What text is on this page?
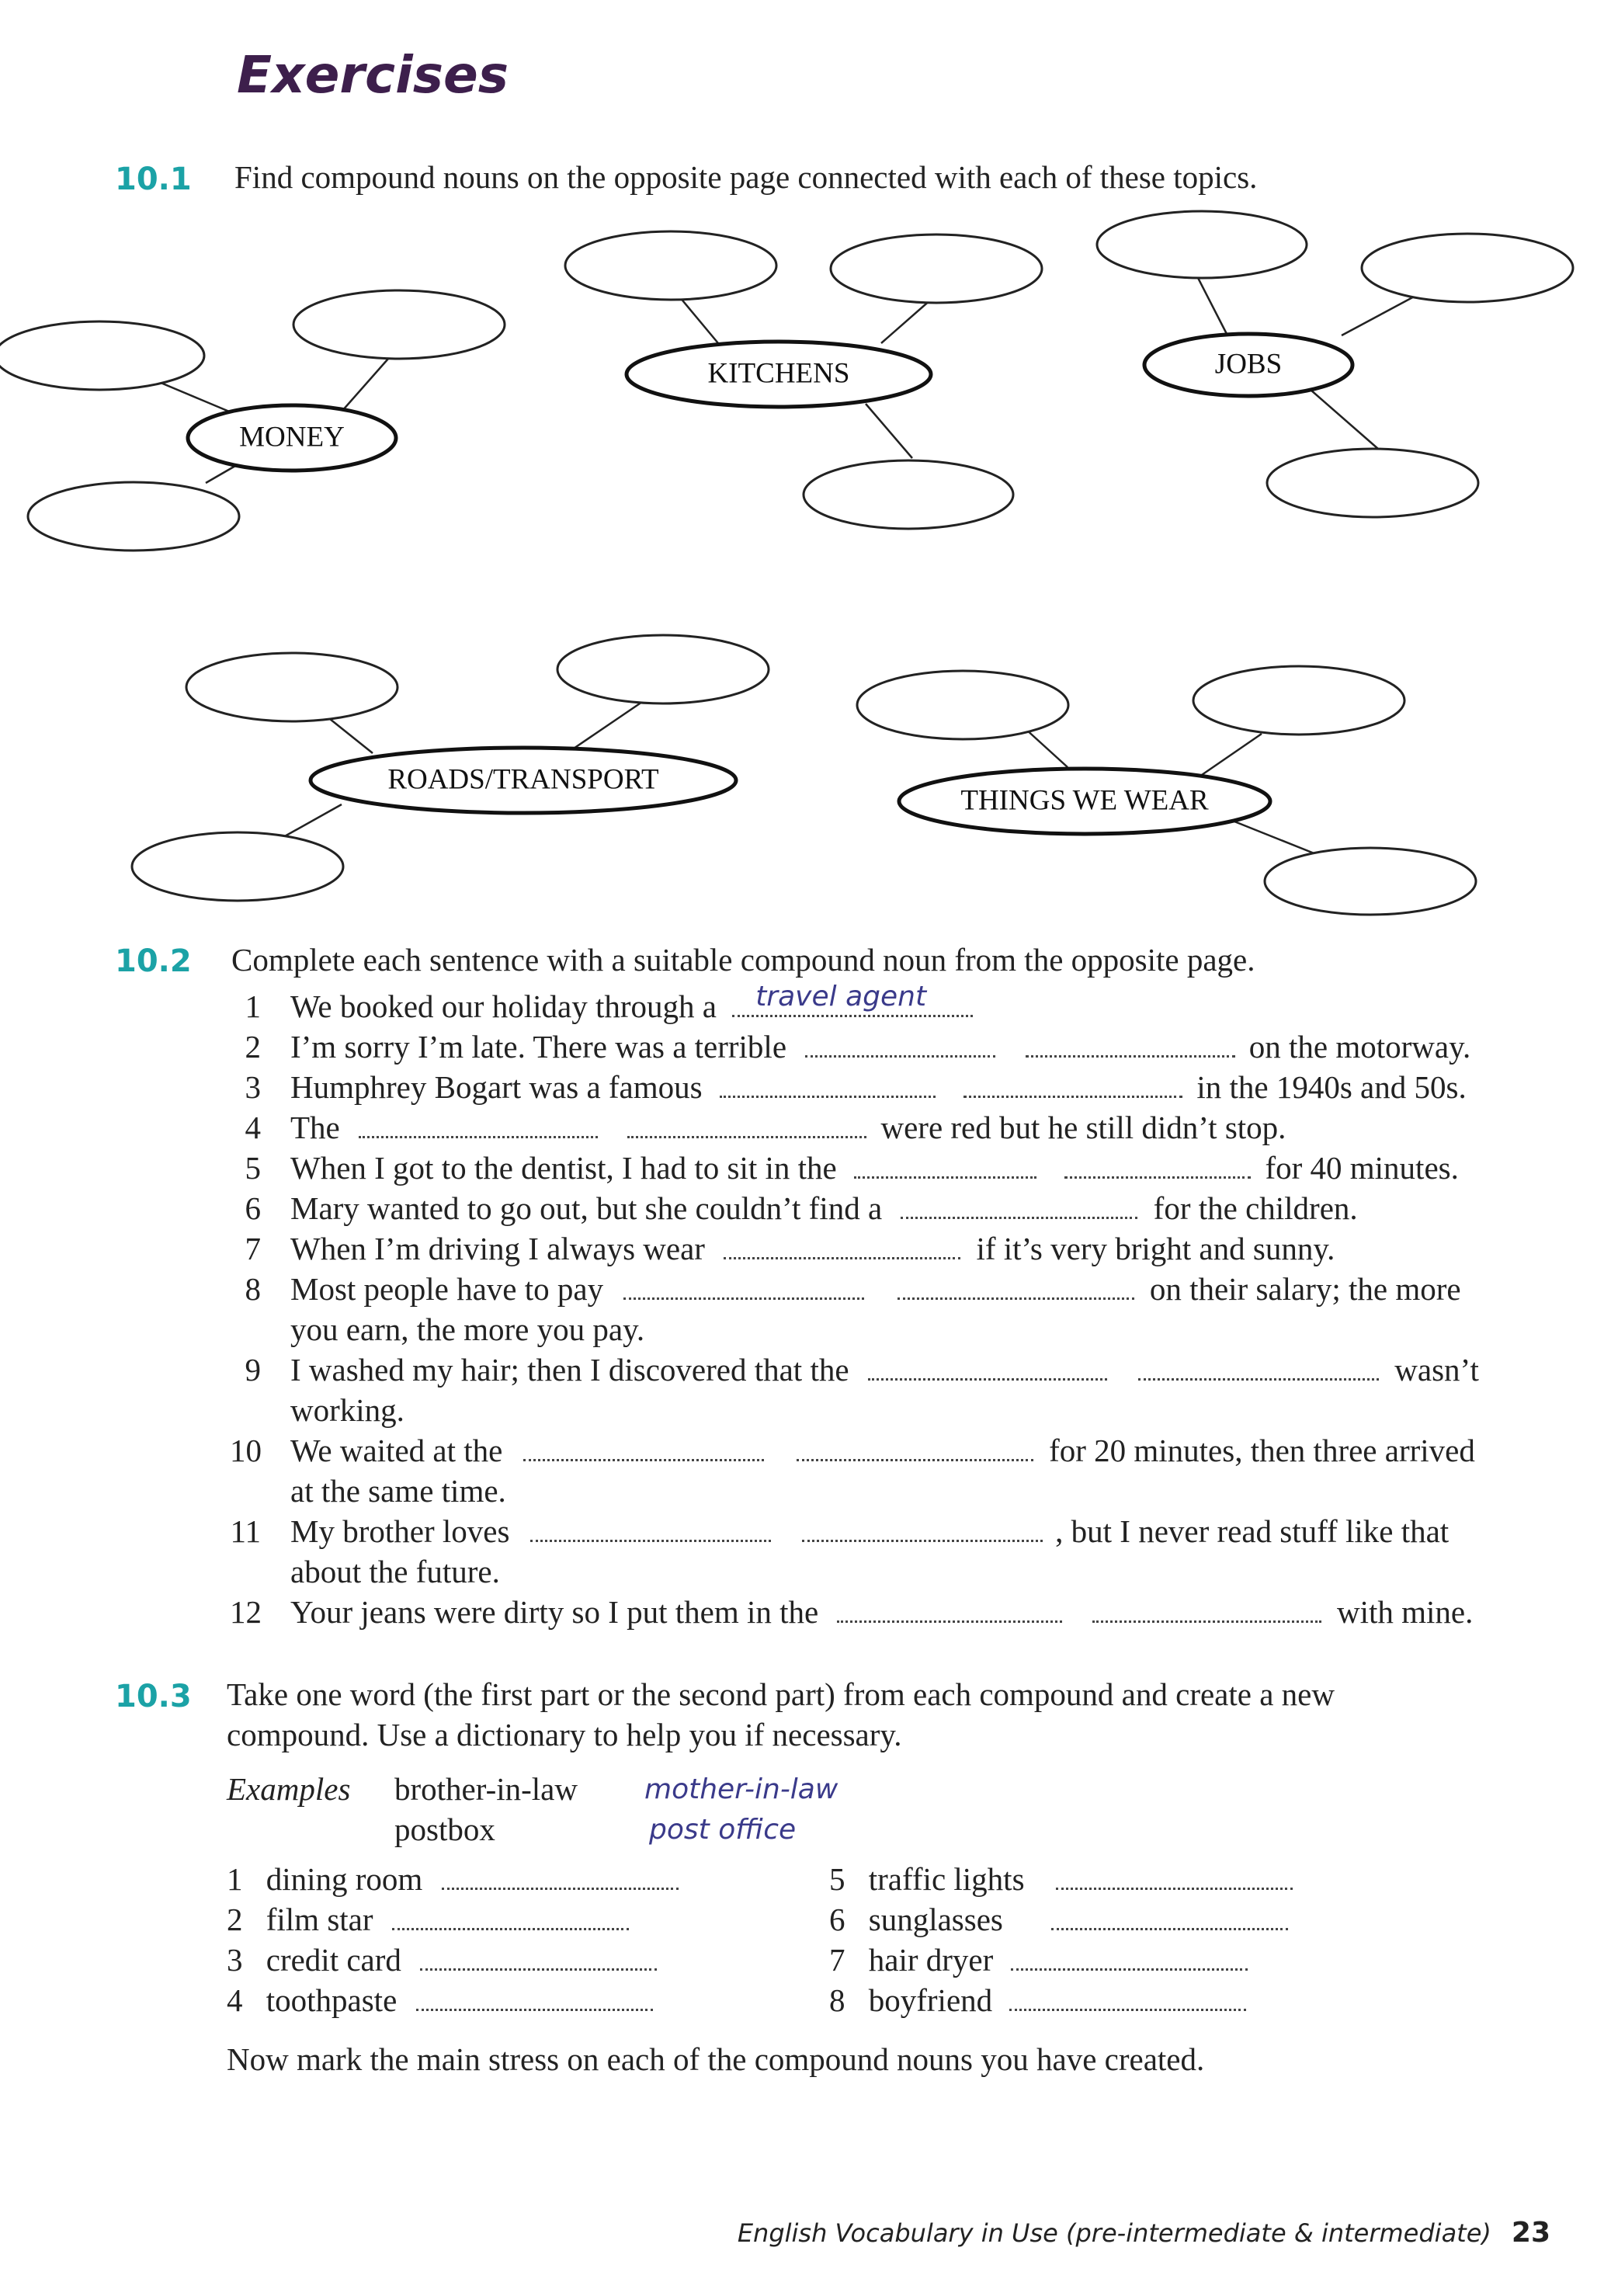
Exercises
10.1 Find compound nouns on the opposite page connected with each of these topics.
MONEY
KITCHENS	JOBS
ROADS/TRANSPORT
THINGS WE WEAR
10.2 Complete each sentence with a suitable compound noun from the opposite page.
1 We booked our holiday through a travel agent
2 I’m sorry I’m late. There was a terrible	on the motorway.
3 Humphrey Bogart was a famous	in the 1940s and 50s.
4 The	were red but he still didn’t stop.
5 When I got to the dentist, I had to sit in the	for 40 minutes.
6 Mary wanted to go out, but she couldn’t find a	for the children.
7 When I’m driving I always wear	if it’s very bright and sunny.
8 Most people have to pay	on their salary; the more
you earn, the more you pay.
9 I washed my hair; then I discovered that the	wasn’t
working.
10 We waited at the	for 20 minutes, then three arrived
at the same time.
11 My brother loves	, but I never read stuff like that
about the future.
12 Your jeans were dirty so I put them in the	with mine.
10.3 Take one word (the first part or the second part) from each compound and create a new
compound. Use a dictionary to help you if necessary.
Examples brother-in-law mother-in-law
postbox	post office
1 dining room
2 film star
3 credit card
4 toothpaste
5 traffic lights
6 sunglasses
7 hair dryer
8 boyfriend
Now mark the main stress on each of the compound nouns you have created.
English Vocabulary in Use (pre-intermediate & intermediate) 23
